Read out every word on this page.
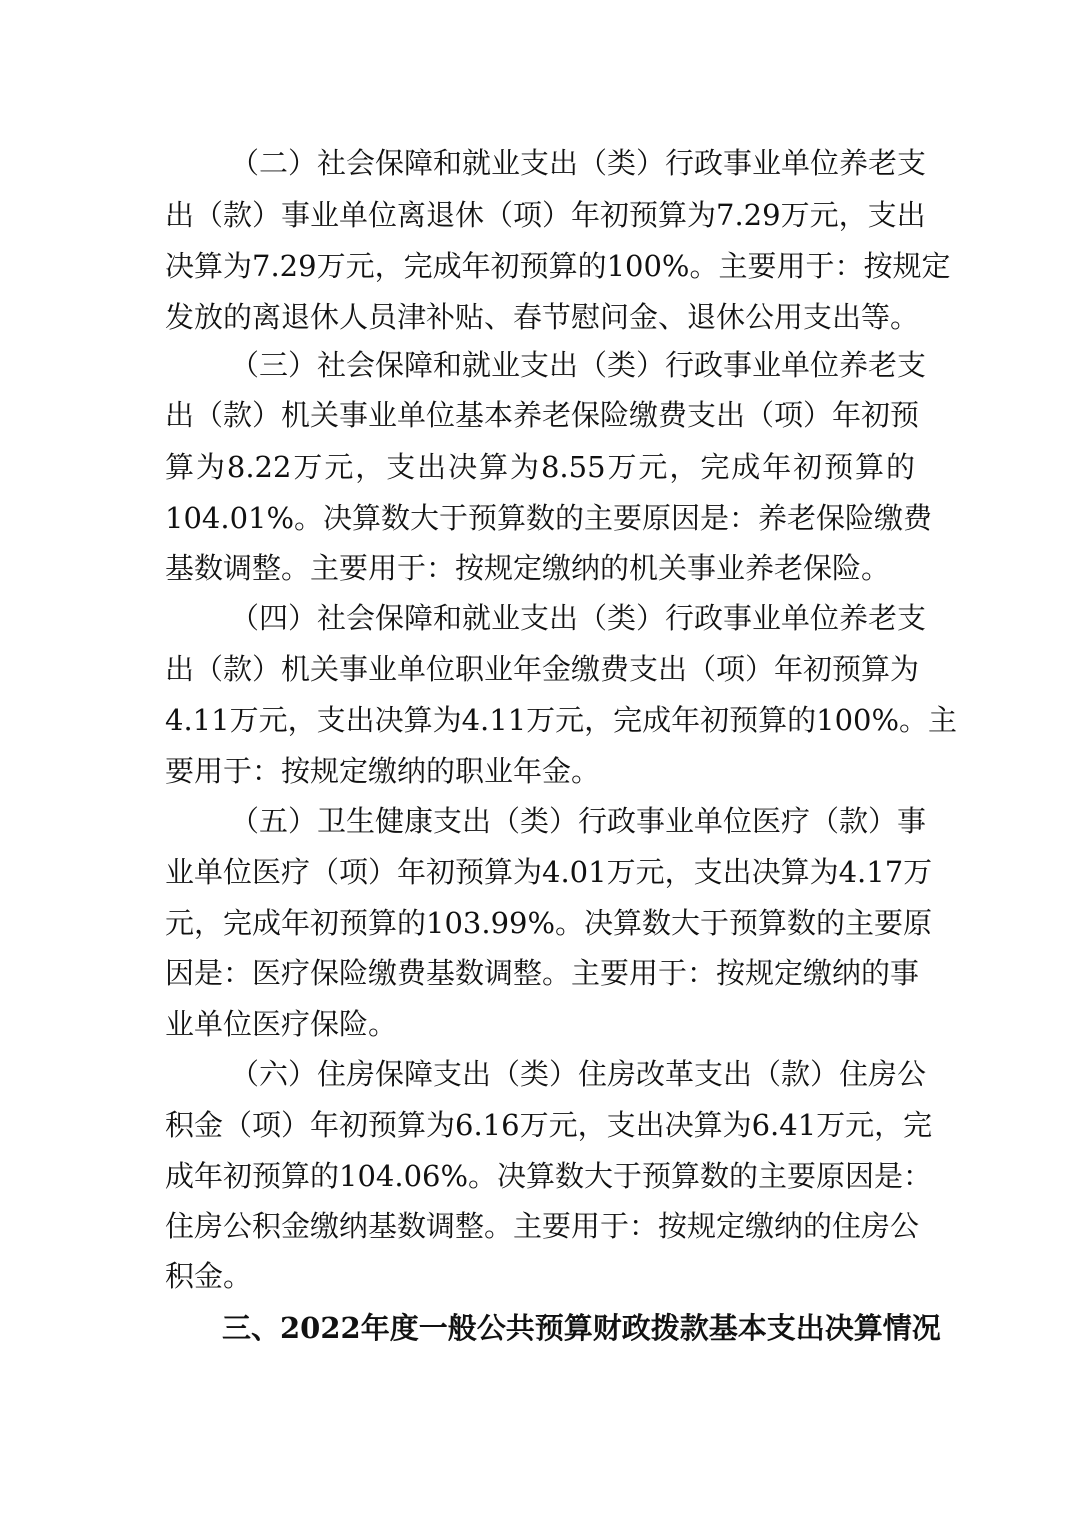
（二）社会保障和就业支出（类）行政事业单位养老支
出（款）事业单位离退休（项）年初预算为7.29万元，支出
决算为7.29万元，完成年初预算的100%。主要用于：按规定
发放的离退休人员津补贴、春节慰问金、退休公用支出等。
（三）社会保障和就业支出（类）行政事业单位养老支
出（款）机关事业单位基本养老保险缴费支出（项）年初预
算为8.22万元，支出决算为8.55万元，完成年初预算的
104.01%。决算数大于预算数的主要原因是：养老保险缴费
基数调整。主要用于：按规定缴纳的机关事业养老保险。
（四）社会保障和就业支出（类）行政事业单位养老支
出（款）机关事业单位职业年金缴费支出（项）年初预算为
4.11万元，支出决算为4.11万元，完成年初预算的100%。主
要用于：按规定缴纳的职业年金。
（五）卫生健康支出（类）行政事业单位医疗（款）事
业单位医疗（项）年初预算为4.01万元，支出决算为4.17万
元，完成年初预算的103.99%。决算数大于预算数的主要原
因是：医疗保险缴费基数调整。主要用于：按规定缴纳的事
业单位医疗保险。
（六）住房保障支出（类）住房改革支出（款）住房公
积金（项）年初预算为6.16万元，支出决算为6.41万元，完
成年初预算的104.06%。决算数大于预算数的主要原因是：
住房公积金缴纳基数调整。主要用于：按规定缴纳的住房公
积金。
三、2022年度一般公共预算财政拨款基本支出决算情况
